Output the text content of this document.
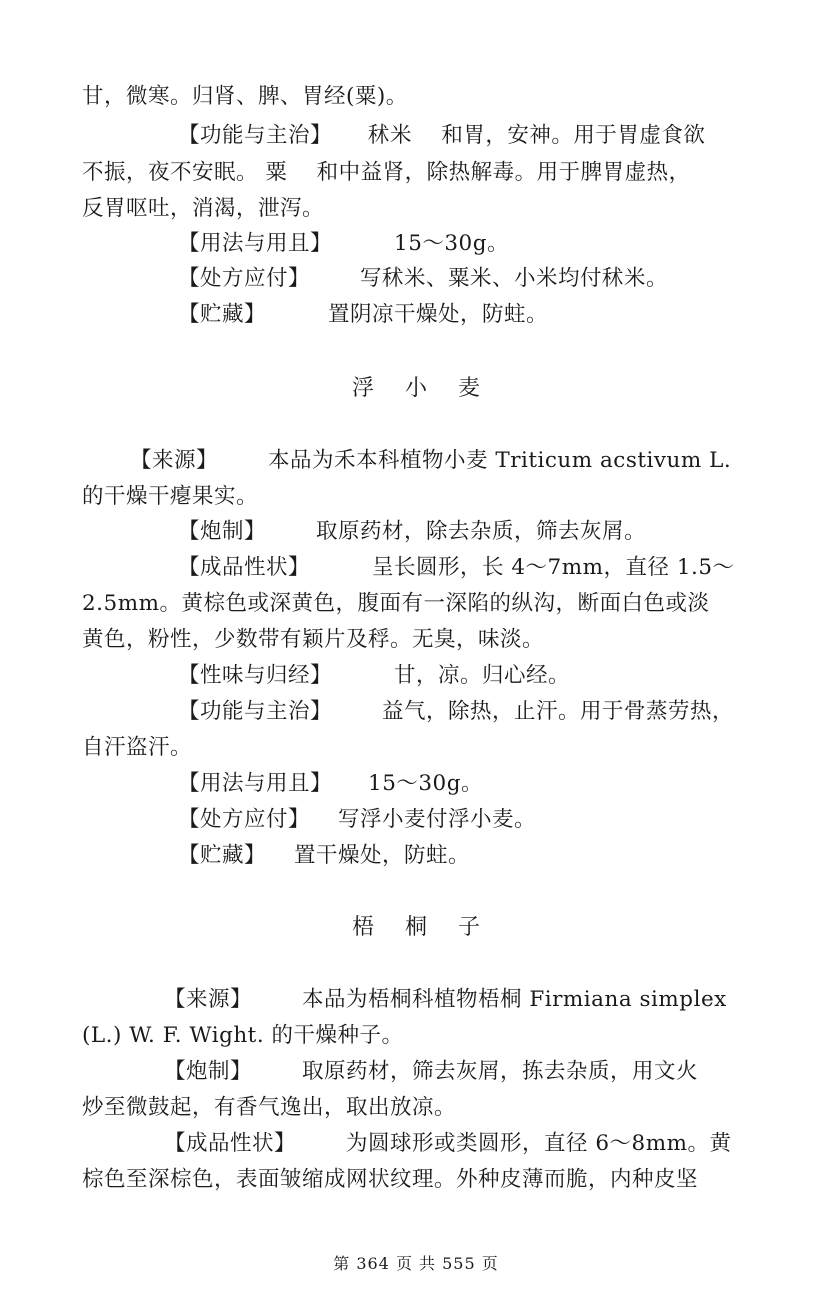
甘，微寒。归肾、脾、胃经(粟)。
【功能与主治】 秫米　 和胃，安神。用于胃虚食欲
不振，夜不安眠。 粟　 和中益肾，除热解毒。用于脾胃虚热，
反胃呕吐，消渴，泄泻。
【用法与用且】	15～30g。
【处方应付】 写秫米、粟米、小米均付秫米。
【贮藏】	置阴凉干燥处，防蛀。
浮 小 麦
【来源】 本品为禾本科植物小麦 Triticum acstivum L.
的干燥干瘪果实。
【炮制】 取原药材，除去杂质，筛去灰屑。
【成品性状】	呈长圆形，长 4～7mm，直径 1.5～
2.5mm。黄棕色或深黄色，腹面有一深陷的纵沟，断面白色或淡
黄色，粉性，少数带有颖片及稃。无臭，味淡。
【性味与归经】	甘，凉。归心经。
【功能与主治】 益气，除热，止汗。用于骨蒸劳热，
自汗盗汗。
【用法与用且】 15～30g。
【处方应付】 写浮小麦付浮小麦。
【贮藏】 置干燥处，防蛀。
梧 桐 子
【来源】 本品为梧桐科植物梧桐 Firmiana simplex
(L.) W. F. Wight. 的干燥种子。
【炮制】 取原药材，筛去灰屑，拣去杂质，用文火
炒至微鼓起，有香气逸出，取出放凉。
【成品性状】 为圆球形或类圆形，直径 6～8mm。黄
棕色至深棕色，表面皱缩成网状纹理。外种皮薄而脆，内种皮坚
第 364 页 共 555 页
